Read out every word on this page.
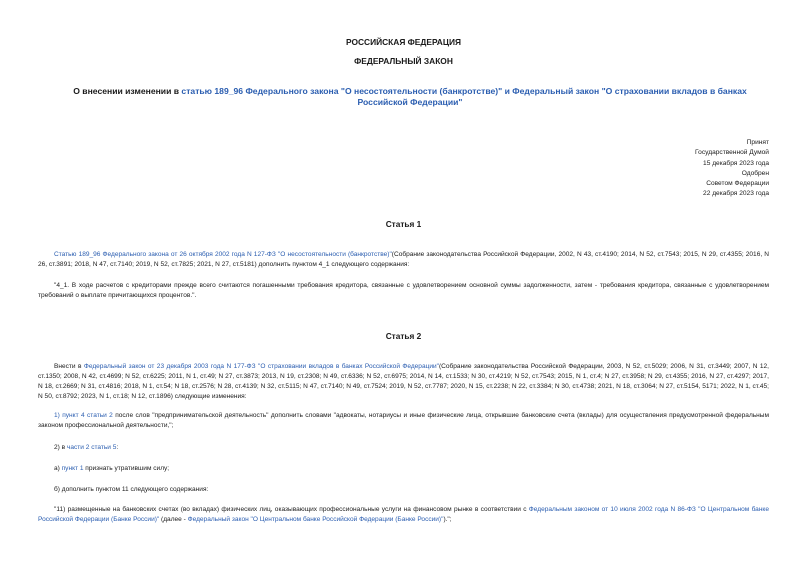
РОССИЙСКАЯ ФЕДЕРАЦИЯ
ФЕДЕРАЛЬНЫЙ ЗАКОН
О внесении изменении в статью 189_96 Федерального закона "О несостоятельности (банкротстве)" и Федеральный закон "О страховании вкладов в банках Российской Федерации"
Принят
Государственной Думой
15 декабря 2023 года
Одобрен
Советом Федерации
22 декабря 2023 года
Статья 1

Статью 189_96 Федерального закона от 26 октября 2002 года N 127-ФЗ "О несостоятельности (банкротстве)"(Собрание законодательства Российской Федерации, 2002, N 43, ст.4190; 2014, N 52, ст.7543; 2015, N 29, ст.4355; 2016, N 26, ст.3891; 2018, N 47, ст.7140; 2019, N 52, ст.7825; 2021, N 27, ст.5181) дополнить пунктом 4_1 следующего содержания:

"4_1. В ходе расчетов с кредиторами прежде всего считаются погашенными требования кредитора, связанные с удовлетворением основной суммы задолженности, затем - требования кредитора, связанные с удовлетворением требований о выплате причитающихся процентов.".

Статья 2

Внести в Федеральный закон от 23 декабря 2003 года N 177-ФЗ "О страховании вкладов в банках Российской Федерации"(Собрание законодательства Российской Федерации, 2003, N 52, ст.5029; 2006, N 31, ст.3449; 2007, N 12, ст.1350; 2008, N 42, ст.4699; N 52, ст.6225; 2011, N 1, ст.49; N 27, ст.3873; 2013, N 19, ст.2308; N 49, ст.6336; N 52, ст.6975; 2014, N 14, ст.1533; N 30, ст.4219; N 52, ст.7543; 2015, N 1, ст.4; N 27, ст.3958; N 29, ст.4355; 2016, N 27, ст.4297; 2017, N 18, ст.2669; N 31, ст.4816; 2018, N 1, ст.54; N 18, ст.2576; N 28, ст.4139; N 32, ст.5115; N 47, ст.7140; N 49, ст.7524; 2019, N 52, ст.7787; 2020, N 15, ст.2238; N 22, ст.3384; N 30, ст.4738; 2021, N 18, ст.3064; N 27, ст.5154, 5171; 2022, N 1, ст.45; N 50, ст.8792; 2023, N 1, ст.18; N 12, ст.1896) следующие изменения:

1) пункт 4 статьи 2 после слов "предпринимательской деятельность" дополнить словами "адвокаты, нотариусы и иные физические лица, открывшие банковские счета (вклады) для осуществления предусмотренной федеральным законом профессиональной деятельности,";

2) в части 2 статьи 5:

а) пункт 1 признать утратившим силу;

б) дополнить пунктом 11 следующего содержания:

"11) размещенные на банковских счетах (во вкладах) физических лиц, оказывающих профессиональные услуги на финансовом рынке в соответствии с Федеральным законом от 10 июля 2002 года N 86-ФЗ "О Центральном банке Российской Федерации (Банке России)" (далее - Федеральный закон "О Центральном банке Российской Федерации (Банке России)").";
